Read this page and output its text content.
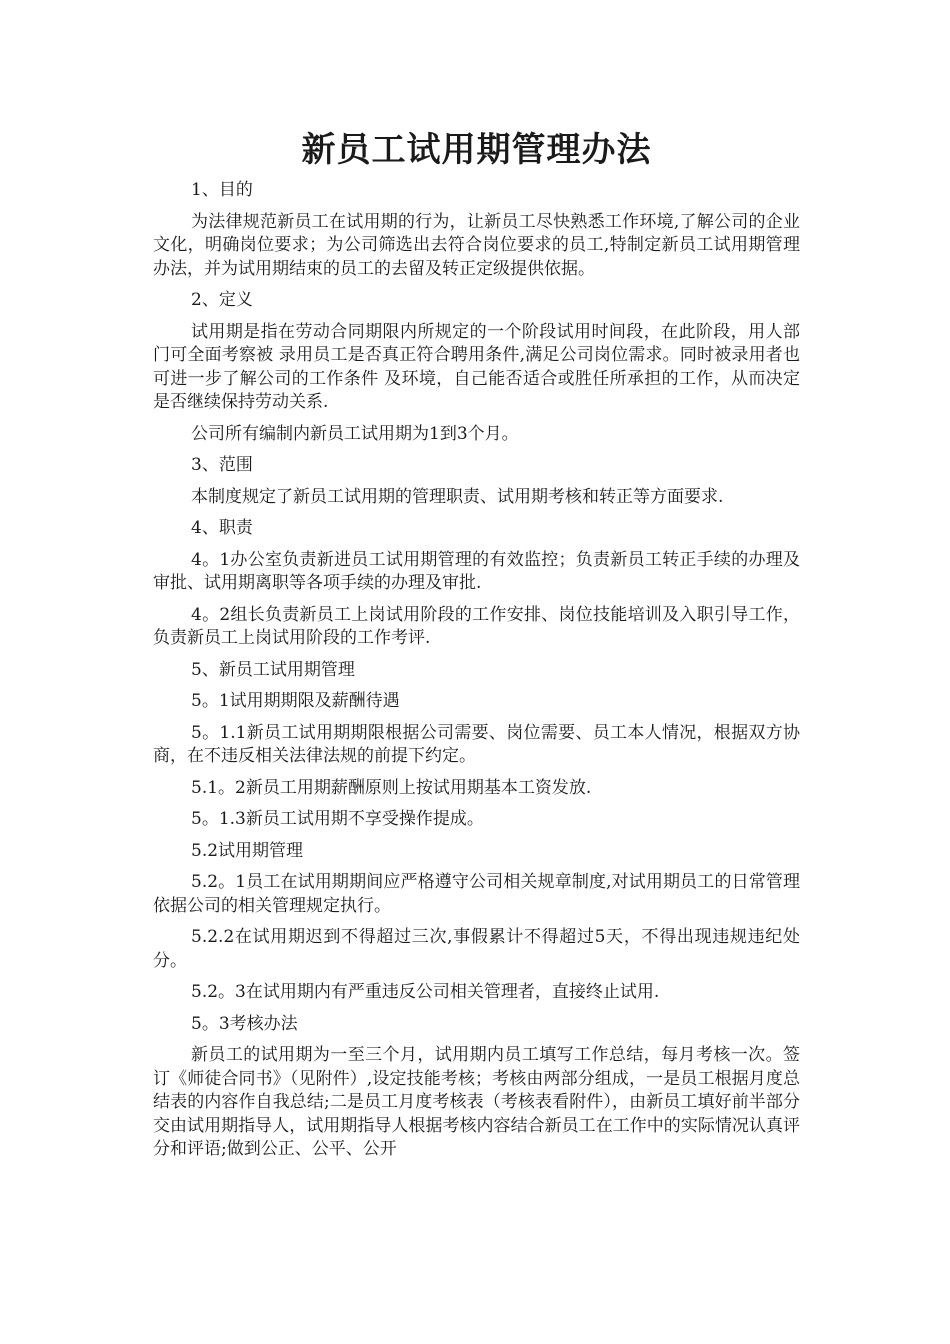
新员工试用期管理办法

1、目的

为法律规范新员工在试用期的行为，让新员工尽快熟悉工作环境,了解公司的企业文化，明确岗位要求；为公司筛选出去符合岗位要求的员工,特制定新员工试用期管理办法，并为试用期结束的员工的去留及转正定级提供依据。

2、定义

试用期是指在劳动合同期限内所规定的一个阶段试用时间段，在此阶段，用人部门可全面考察被 录用员工是否真正符合聘用条件,满足公司岗位需求。同时被录用者也可进一步了解公司的工作条件 及环境，自己能否适合或胜任所承担的工作，从而决定是否继续保持劳动关系.

公司所有编制内新员工试用期为1到3个月。

3、范围

本制度规定了新员工试用期的管理职责、试用期考核和转正等方面要求.

4、职责

4。1办公室负责新进员工试用期管理的有效监控；负责新员工转正手续的办理及审批、试用期离职等各项手续的办理及审批.

4。2组长负责新员工上岗试用阶段的工作安排、岗位技能培训及入职引导工作，负责新员工上岗试用阶段的工作考评.

5、新员工试用期管理

5。1试用期期限及薪酬待遇

5。1.1新员工试用期期限根据公司需要、岗位需要、员工本人情况，根据双方协商，在不违反相关法律法规的前提下约定。

5.1。2新员工用期薪酬原则上按试用期基本工资发放.

5。1.3新员工试用期不享受操作提成。

5.2试用期管理

5.2。1员工在试用期期间应严格遵守公司相关规章制度,对试用期员工的日常管理依据公司的相关管理规定执行。

5.2.2在试用期迟到不得超过三次,事假累计不得超过5天，不得出现违规违纪处分。

5.2。3在试用期内有严重违反公司相关管理者，直接终止试用.

5。3考核办法

新员工的试用期为一至三个月，试用期内员工填写工作总结，每月考核一次。签订《师徒合同书》（见附件）,设定技能考核；考核由两部分组成，一是员工根据月度总结表的内容作自我总结;二是员工月度考核表（考核表看附件），由新员工填好前半部分交由试用期指导人，试用期指导人根据考核内容结合新员工在工作中的实际情况认真评分和评语;做到公正、公平、公开
